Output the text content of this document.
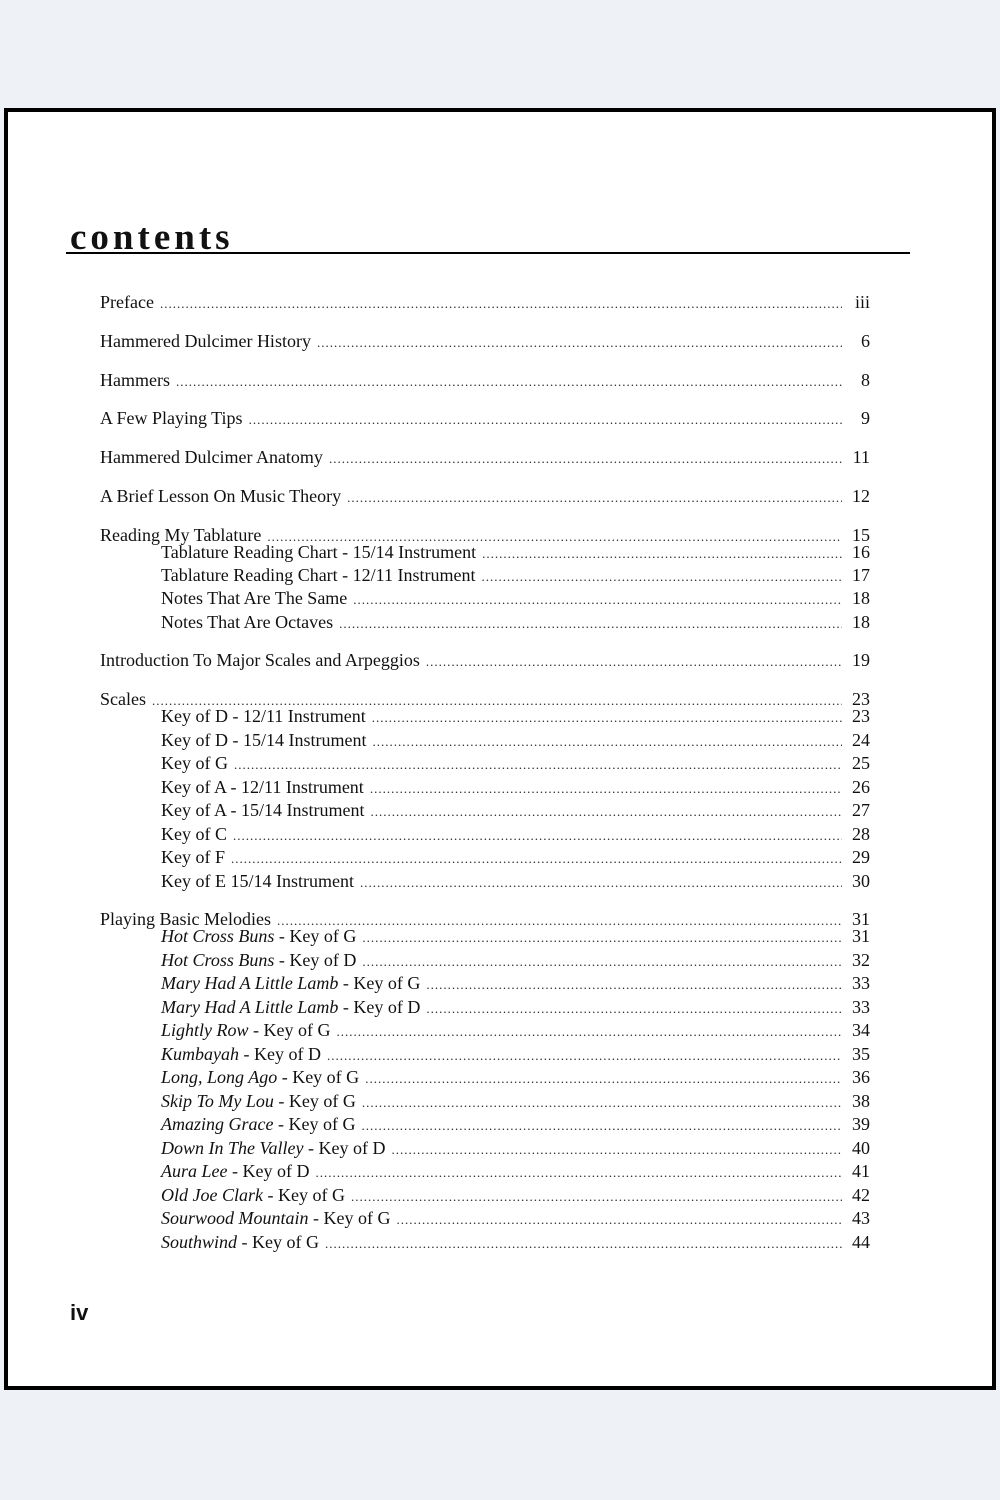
contents
Preface .....	iii
Hammered Dulcimer History .....	6
Hammers .....	8
A Few Playing Tips .....	9
Hammered Dulcimer Anatomy .....	11
A Brief Lesson On Music Theory .....	12
Reading My Tablature .....	15
Tablature Reading Chart - 15/14 Instrument .....	16
Tablature Reading Chart - 12/11 Instrument .....	17
Notes That Are The Same .....	18
Notes That Are Octaves .....	18
Introduction To Major Scales and Arpeggios .....	19
Scales .....	23
Key of D - 12/11 Instrument .....	23
Key of D - 15/14 Instrument .....	24
Key of G .....	25
Key of A - 12/11 Instrument .....	26
Key of A - 15/14 Instrument .....	27
Key of C .....	28
Key of F .....	29
Key of E 15/14 Instrument .....	30
Playing Basic Melodies .....	31
Hot Cross Buns - Key of G .....	31
Hot Cross Buns - Key of D .....	32
Mary Had A Little Lamb - Key of G .....	33
Mary Had A Little Lamb - Key of D .....	33
Lightly Row - Key of G .....	34
Kumbayah - Key of D .....	35
Long, Long Ago - Key of G .....	36
Skip To My Lou - Key of G .....	38
Amazing Grace - Key of G .....	39
Down In The Valley - Key of D .....	40
Aura Lee - Key of D .....	41
Old Joe Clark - Key of G .....	42
Sourwood Mountain - Key of G .....	43
Southwind - Key of G .....	44
iv
